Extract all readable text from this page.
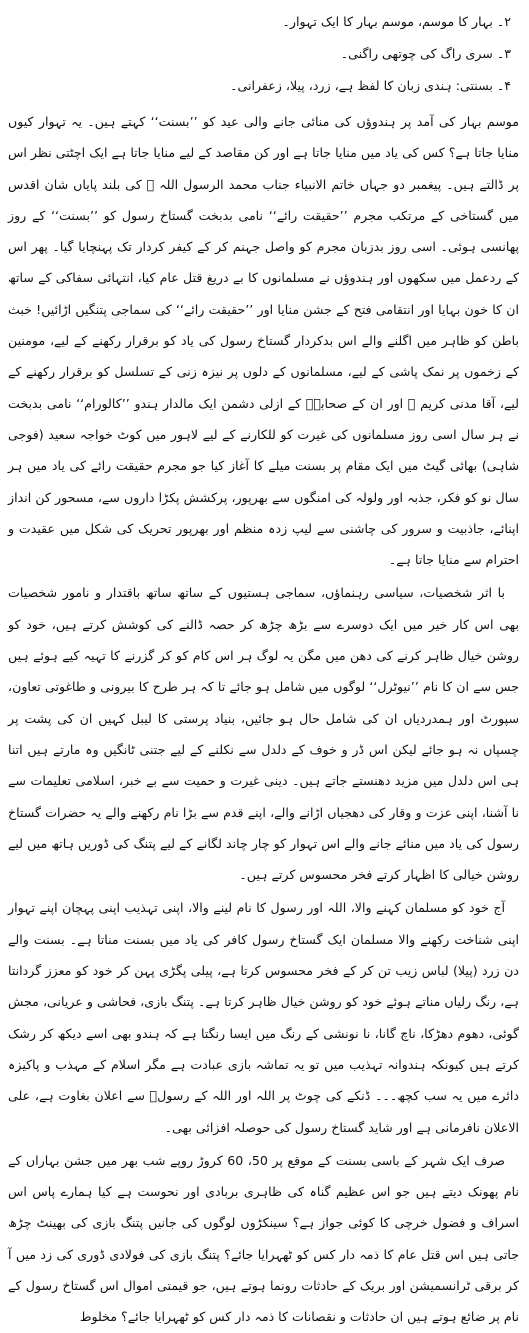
۲۔ بہار کا موسم، موسم بہار کا ایک تہوار۔
۳۔ سری راگ کی چوتھی راگنی۔
۴۔ بسنتی: ہندی زبان کا لفظ ہے، زرد، پیلا، زعفرانی۔

موسم بہار کی آمد پر ہندوؤں کی منائی جانے والی عید کو ’’بسنت‘‘ کہتے ہیں۔ یہ تہوار کیوں منایا جاتا ہے؟ کس کی یاد میں منایا جاتا ہے اور کن مقاصد کے لیے منایا جاتا ہے ایک اچٹتی نظر اس پر ڈالتے ہیں۔ پیغمبر دو جہاں خاتم الانبیاء جناب محمد الرسول اللہ ﷺ کی بلند پایاں شان اقدس میں گستاخی کے مرتکب مجرم ’’حقیقت رائے‘‘ نامی بدبخت گستاخ رسول کو ’’بسنت‘‘ کے روز پھانسی ہوئی۔ اسی روز بدزبان مجرم کو واصل جہنم کر کے کیفر کردار تک پہنچایا گیا۔ پھر اس کے ردعمل میں سکھوں اور ہندوؤں نے مسلمانوں کا بے دریغ قتل عام کیا، انتہائی سفاکی کے ساتھ ان کا خون بہایا اور انتقامی فتح کے جشن منایا اور ’’حقیقت رائے‘‘ کی سماجی پتنگیں اڑائیں! خبث باطن کو ظاہر میں اگلنے والے اس بدکردار گستاخ رسول کی یاد کو برقرار رکھنے کے لیے، مومنین کے زخموں پر نمک پاشی کے لیے، مسلمانوں کے دلوں پر نیزہ زنی کے تسلسل کو برقرار رکھنے کے لیے، آقا مدنی کریم ﷺ اور ان کے صحابہؓ کے ازلی دشمن ایک مالدار ہندو ’’کالورام‘‘ نامی بدبخت نے ہر سال اسی روز مسلمانوں کی غیرت کو للکارنے کے لیے لاہور میں کوٹ خواجہ سعید (فوجی شاہی) بھائی گیٹ میں ایک مقام پر بسنت میلے کا آغاز کیا جو مجرم حقیقت رائے کی یاد میں ہر سال نو کو فکر، جذبہ اور ولولہ کی امنگوں سے بھرپور، پرکشش پکڑا داروں سے، مسحور کن انداز اپنائے، جاذبیت و سرور کی چاشنی سے لیپ زدہ منظم اور بھرپور تحریک کی شکل میں عقیدت و احترام سے منایا جاتا ہے۔

با اثر شخصیات، سیاسی رہنماؤں، سماجی ہستیوں کے ساتھ ساتھ باقتدار و نامور شخصیات بھی اس کار خیر میں ایک دوسرے سے بڑھ چڑھ کر حصہ ڈالنے کی کوشش کرتے ہیں، خود کو روشن خیال ظاہر کرنے کی دھن میں مگن یہ لوگ ہر اس کام کو کر گزرنے کا تہیہ کیے ہوئے ہیں جس سے ان کا نام ’’نیوٹرل‘‘ لوگوں میں شامل ہو جائے تا کہ ہر طرح کا بیرونی و طاغوتی تعاون، سپورٹ اور ہمدردیاں ان کی شامل حال ہو جائیں، بنیاد پرستی کا لیبل کہیں ان کی پشت پر چسپاں نہ ہو جائے لیکن اس ڈر و خوف کے دلدل سے نکلنے کے لیے جتنی ٹانگیں وہ مارتے ہیں اتنا ہی اس دلدل میں مزید دھنستے جاتے ہیں۔ دینی غیرت و حمیت سے بے خبر، اسلامی تعلیمات سے نا آشنا، اپنی عزت و وقار کی دھجیاں اڑانے والے، اپنے قدم سے بڑا نام رکھنے والے یہ حضرات گستاخ رسول کی یاد میں منائے جانے والے اس تہوار کو چار چاند لگانے کے لیے پتنگ کی ڈوریں ہاتھ میں لیے روشن خیالی کا اظہار کرتے فخر محسوس کرتے ہیں۔

آج خود کو مسلمان کہنے والا، اللہ اور رسول کا نام لینے والا، اپنی تہذیب اپنی پہچان اپنے تہوار اپنی شناخت رکھنے والا مسلمان ایک گستاخ رسول کافر کی یاد میں بسنت مناتا ہے۔ بسنت والے دن زرد (پیلا) لباس زیب تن کر کے فخر محسوس کرتا ہے، پیلی پگڑی پہن کر خود کو معزز گردانتا ہے، رنگ رلیاں مناتے ہوئے خود کو روشن خیال ظاہر کرتا ہے۔ پتنگ بازی، فحاشی و عریانی، مجش گوئی، دھوم دھڑکا، ناچ گانا، نا نونشی کے رنگ میں ایسا رنگتا ہے کہ ہندو بھی اسے دیکھ کر رشک کرتے ہیں کیونکہ ہندوانہ تہذیب میں تو یہ تماشہ بازی عبادت ہے مگر اسلام کے مہذب و پاکیزہ دائرے میں یہ سب کچھ۔۔۔ ڈنکے کی چوٹ پر اللہ اور اللہ کے رسولؐ سے اعلان بغاوت ہے، علی الاعلان نافرمانی ہے اور شاید گستاخ رسول کی حوصلہ افزائی بھی۔

صرف ایک شہر کے باسی بسنت کے موقع پر 50، 60 کروڑ روپے شب بھر میں جشن بہاراں کے نام پھونک دیتے ہیں جو اس عظیم گناہ کی ظاہری بربادی اور نحوست ہے کیا ہمارے پاس اس اسراف و فضول خرچی کا کوئی جواز ہے؟ سینکڑوں لوگوں کی جانیں پتنگ بازی کی بھینٹ چڑھ جاتی ہیں اس قتل عام کا ذمہ دار کس کو ٹھہرایا جائے؟ پتنگ بازی کی فولادی ڈوری کی زد میں آ کر برقی ٹرانسمیشن اور بریک کے حادثات رونما ہوتے ہیں، جو قیمتی اموال اس گستاخ رسول کے نام پر ضائع ہوتے ہیں ان حادثات و نقصانات کا ذمہ دار کس کو ٹھہرایا جائے؟ مخلوط
